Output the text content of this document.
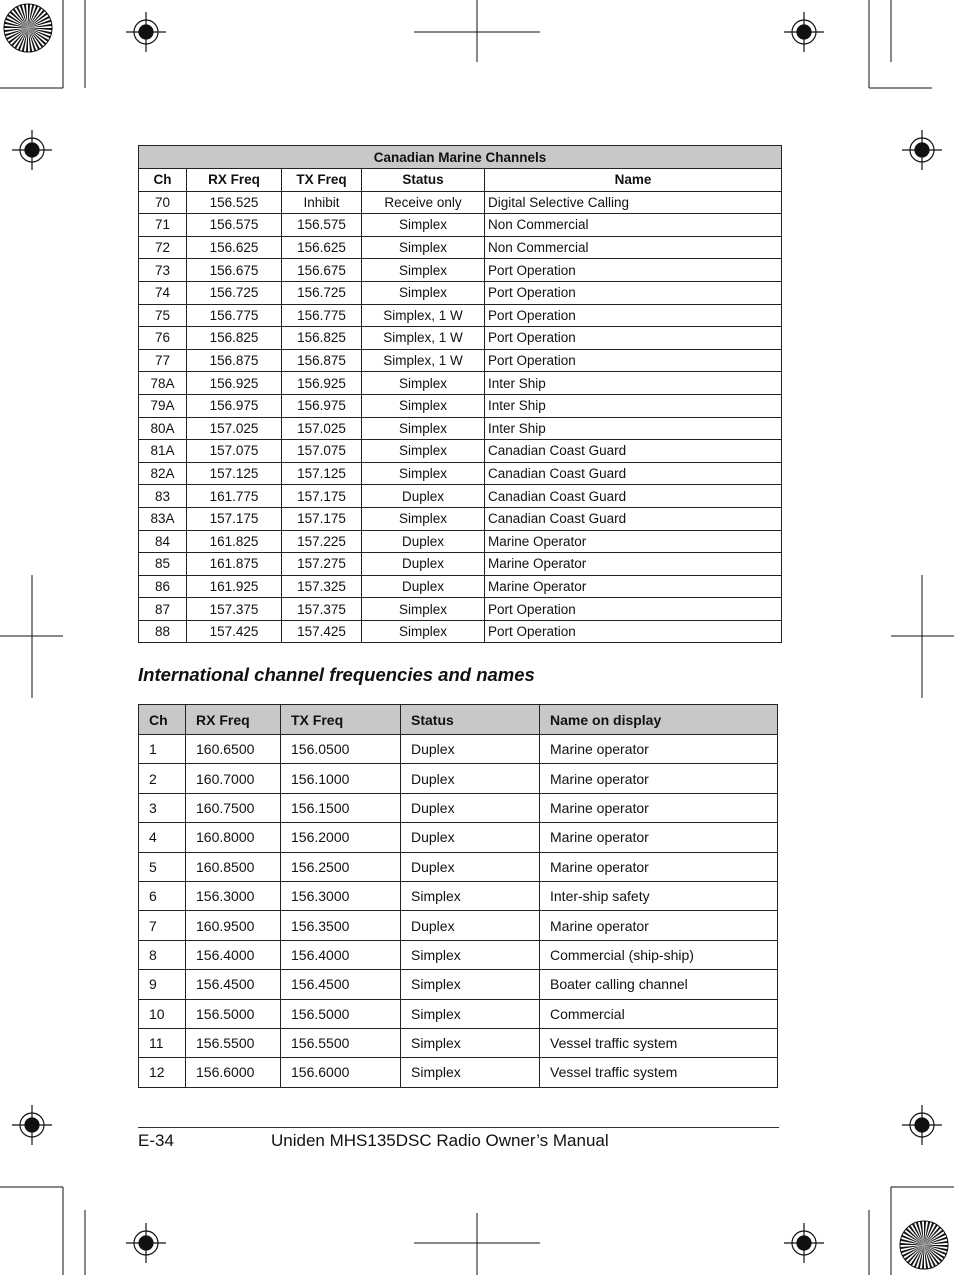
Canadian Marine Channels				
Ch	RX Freq	TX Freq	Status	Name
70	156.525	Inhibit	Receive only	Digital Selective Calling
71	156.575	156.575	Simplex	Non Commercial
72	156.625	156.625	Simplex	Non Commercial
73	156.675	156.675	Simplex	Port Operation
74	156.725	156.725	Simplex	Port Operation
75	156.775	156.775	Simplex, 1 W	Port Operation
76	156.825	156.825	Simplex, 1 W	Port Operation
77	156.875	156.875	Simplex, 1 W	Port Operation
78A	156.925	156.925	Simplex	Inter Ship
79A	156.975	156.975	Simplex	Inter Ship
80A	157.025	157.025	Simplex	Inter Ship
81A	157.075	157.075	Simplex	Canadian Coast Guard
82A	157.125	157.125	Simplex	Canadian Coast Guard
83	161.775	157.175	Duplex	Canadian Coast Guard
83A	157.175	157.175	Simplex	Canadian Coast Guard
84	161.825	157.225	Duplex	Marine Operator
85	161.875	157.275	Duplex	Marine Operator
86	161.925	157.325	Duplex	Marine Operator
87	157.375	157.375	Simplex	Port Operation
88	157.425	157.425	Simplex	Port Operation
International channel frequencies and names
Ch	RX Freq	TX Freq	Status	Name on display
1	160.6500	156.0500	Duplex	Marine operator
2	160.7000	156.1000	Duplex	Marine operator
3	160.7500	156.1500	Duplex	Marine operator
4	160.8000	156.2000	Duplex	Marine operator
5	160.8500	156.2500	Duplex	Marine operator
6	156.3000	156.3000	Simplex	Inter-ship safety
7	160.9500	156.3500	Duplex	Marine operator
8	156.4000	156.4000	Simplex	Commercial (ship-ship)
9	156.4500	156.4500	Simplex	Boater calling channel
10	156.5000	156.5000	Simplex	Commercial
11	156.5500	156.5500	Simplex	Vessel traffic system
12	156.6000	156.6000	Simplex	Vessel traffic system
E-34	Uniden MHS135DSC Radio Owner’s Manual
